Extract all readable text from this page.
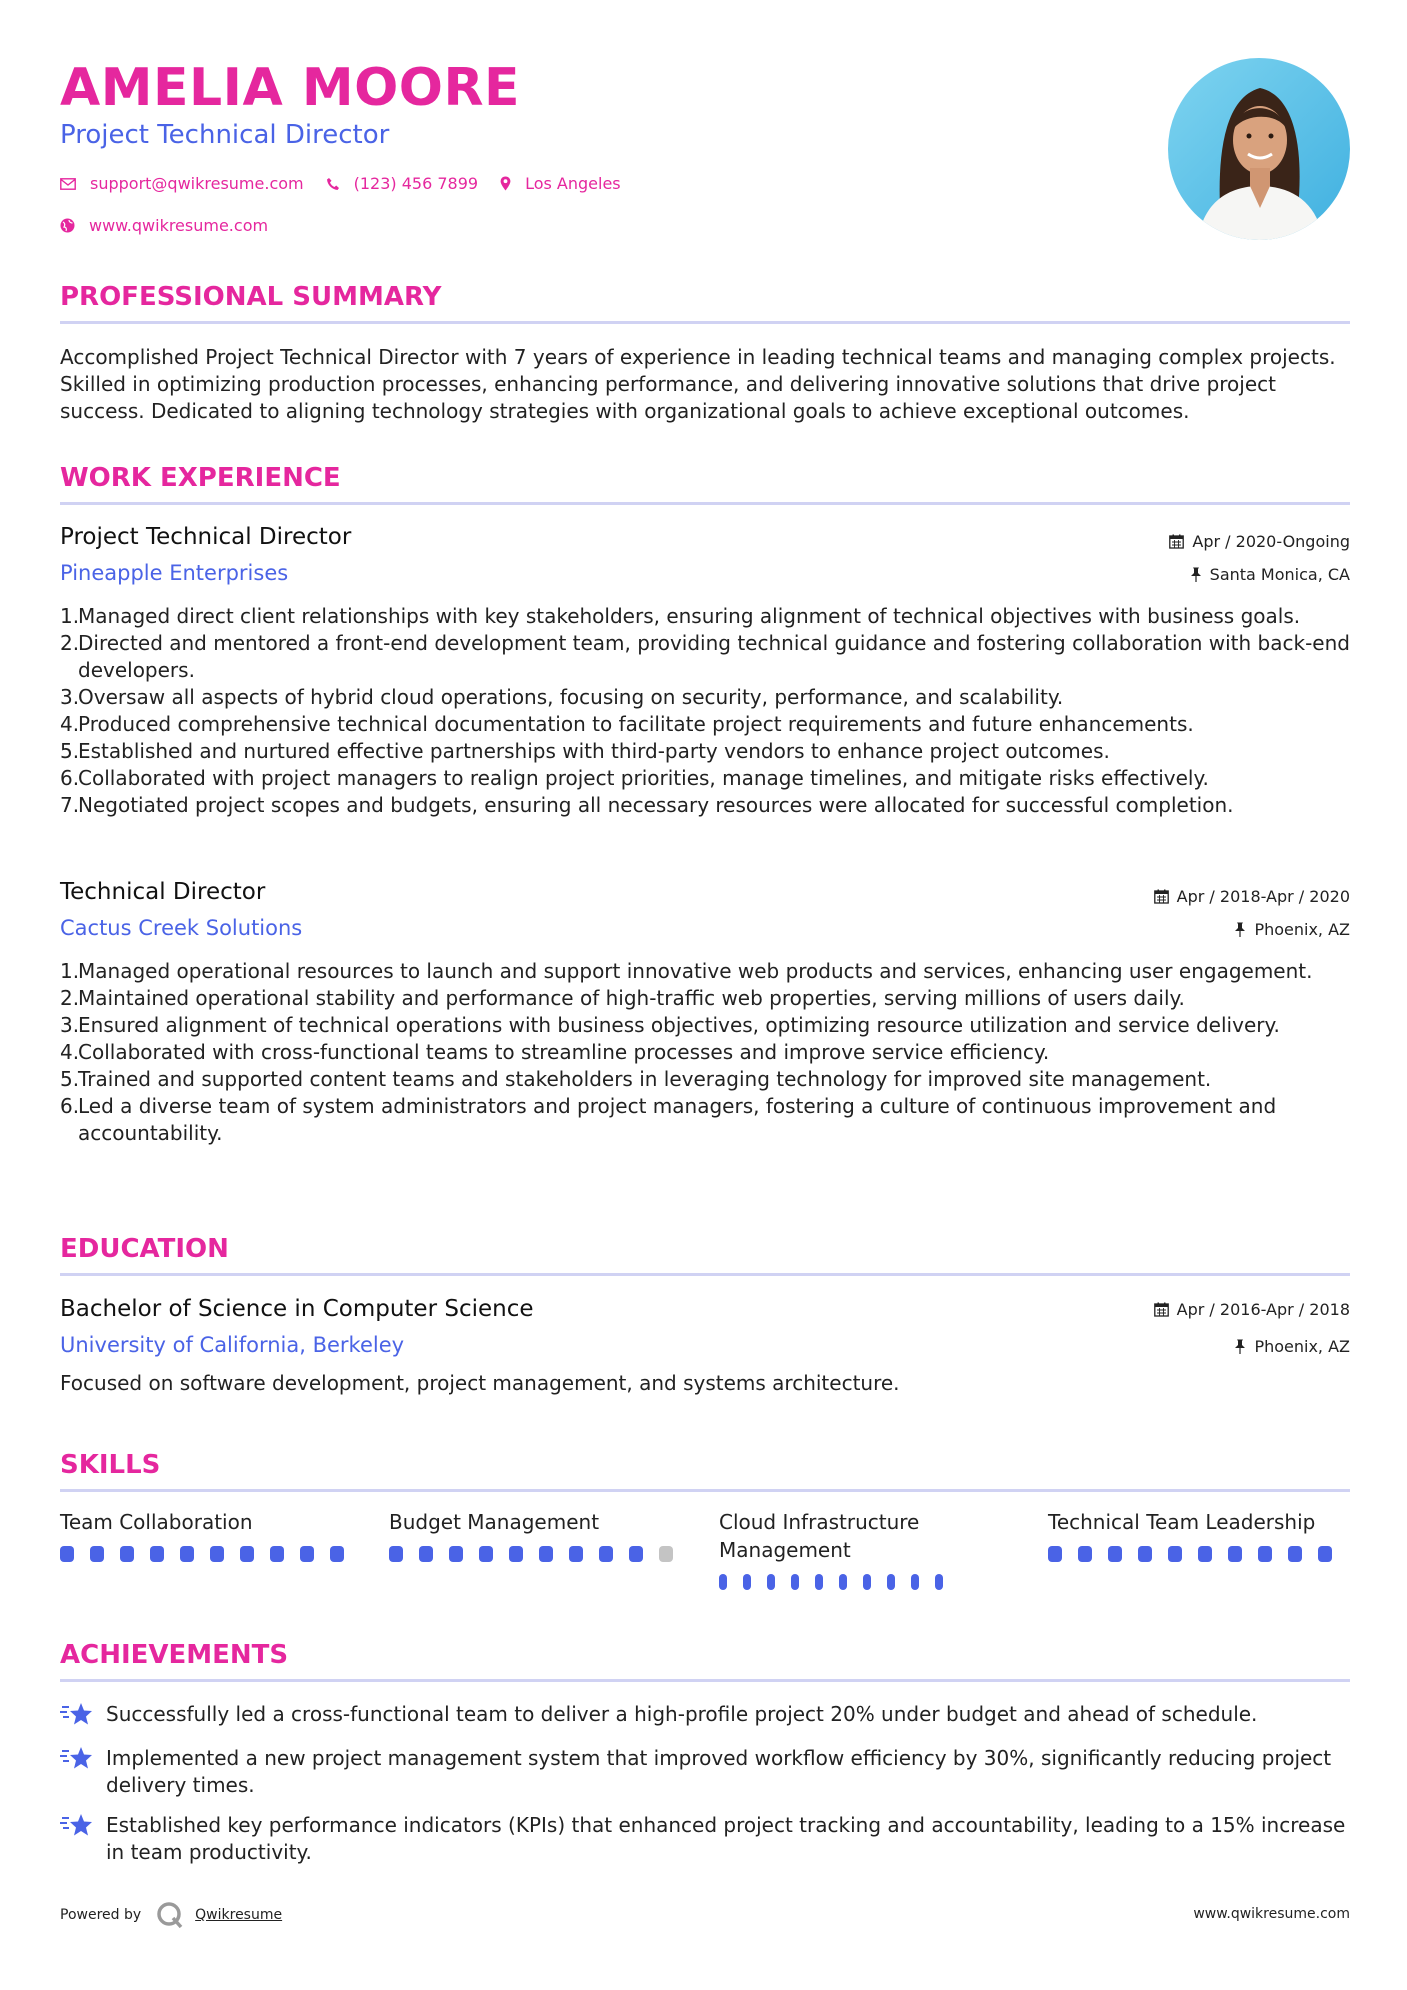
AMELIA MOORE
Project Technical Director
support@qwikresume.com	(123) 456 7899	Los Angeles
www.qwikresume.com
PROFESSIONAL SUMMARY
Accomplished Project Technical Director with 7 years of experience in leading technical teams and managing complex projects. Skilled in optimizing production processes, enhancing performance, and delivering innovative solutions that drive project success. Dedicated to aligning technology strategies with organizational goals to achieve exceptional outcomes.
WORK EXPERIENCE
Project Technical Director	Apr / 2020-Ongoing
Pineapple Enterprises	Santa Monica, CA
1.
Managed direct client relationships with key stakeholders, ensuring alignment of technical objectives with business goals.
2.
Directed and mentored a front-end development team, providing technical guidance and fostering collaboration with back-end developers.
3.
Oversaw all aspects of hybrid cloud operations, focusing on security, performance, and scalability.
4.
Produced comprehensive technical documentation to facilitate project requirements and future enhancements.
5.
Established and nurtured effective partnerships with third-party vendors to enhance project outcomes.
6.
Collaborated with project managers to realign project priorities, manage timelines, and mitigate risks effectively.
7.
Negotiated project scopes and budgets, ensuring all necessary resources were allocated for successful completion.
Technical Director	Apr / 2018-Apr / 2020
Cactus Creek Solutions	Phoenix, AZ
1.
Managed operational resources to launch and support innovative web products and services, enhancing user engagement.
2.
Maintained operational stability and performance of high-traffic web properties, serving millions of users daily.
3.
Ensured alignment of technical operations with business objectives, optimizing resource utilization and service delivery.
4.
Collaborated with cross-functional teams to streamline processes and improve service efficiency.
5.
Trained and supported content teams and stakeholders in leveraging technology for improved site management.
6.
Led a diverse team of system administrators and project managers, fostering a culture of continuous improvement and accountability.
EDUCATION
Bachelor of Science in Computer Science	Apr / 2016-Apr / 2018
University of California, Berkeley	Phoenix, AZ
Focused on software development, project management, and systems architecture.
SKILLS
Team Collaboration	Budget Management	Cloud Infrastructure Management
Technical Team Leadership
ACHIEVEMENTS
Successfully led a cross-functional team to deliver a high-profile project 20% under budget and ahead of schedule.
Implemented a new project management system that improved workflow efficiency by 30%, significantly reducing project delivery times.
Established key performance indicators (KPIs) that enhanced project tracking and accountability, leading to a 15% increase in team productivity.
Powered by	Qwikresume	www.qwikresume.com
